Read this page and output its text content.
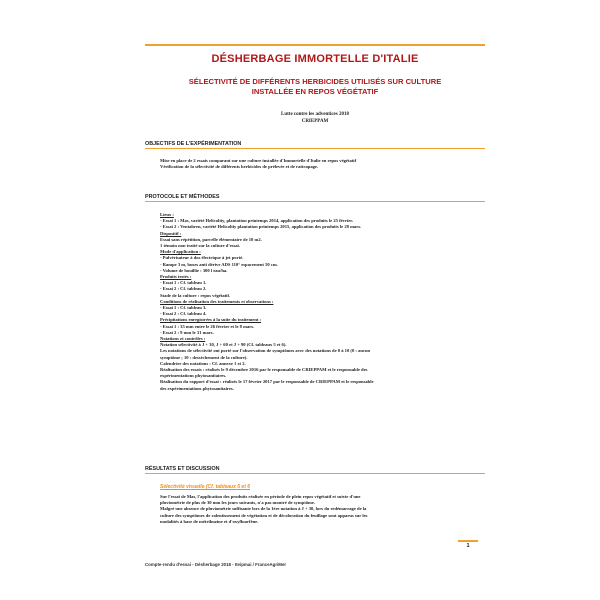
DÉSHERBAGE IMMORTELLE D'ITALIE
SÉLECTIVITÉ DE DIFFÉRENTS HERBICIDES UTILISÉS SUR CULTURE
INSTALLÉE EN REPOS VÉGÉTATIF
Lutte contre les adventices 2018
CRIEPPAM
OBJECTIFS DE L'EXPÉRIMENTATION
Mise en place de 2 essais comparant sur une culture installée d'Immortelle d'Italie en repos végétatif
Vérification de la sélectivité de différents herbicides de prélevée et de rattrapage.
PROTOCOLE ET MÉTHODES
Lieux :
- Essai 1 : Mas, variété Helicoltiy, plantation printemps 2014, application des produits le 25 février.
- Essai 2 : Ventabren, variété Helicoltiy plantation printemps 2015, application des produits le 28 mars.
Dispositif :
Essai sans répétition, parcelle élémentaire de 10 m2.
1 témoin non traité sur la culture d'essai.
Mode d'application :
- Pulvérisateur à dos électrique à jet porté.
- Rampe 3 m, buses anti dérive ADS 110° espacement 50 cm.
- Volume de bouillie : 300 l eau/ha.
Produits testés :
- Essai 1 : Cf. tableau 1.
- Essai 2 : Cf. tableau 2.
Stade de la culture : repos végétatif.
Conditions de réalisation des traitements et observations :
- Essai 1 : Cf. tableau 3.
- Essai 2 : Cf. tableau 4.
Précipitations enregistrées à la suite du traitement :
- Essai 1 : 35 mm entre le 26 février et le 8 mars.
- Essai 2 : 9 mm le 31 mars.
Notations et contrôles :
Notation sélectivité à J + 30, J + 60 et J + 90 (Cf. tableaux 5 et 6).
Les notations de sélectivité ont porté sur l'observation de symptômes avec des notations de 0 à 10 (0 : aucun
symptôme ; 10 : dessèchement de la culture).
Calendrier des notations : Cf. annexe 1 et 2.
Réalisation des essais : réalisés le 9 décembre 2016 par le responsable de CRIEPPAM et le responsable des
expérimentations phytosanitaires.
Réalisation du rapport d'essai : réalisés le 17 février 2017 par le responsable de CRIEPPAM et le responsable
des expérimentations phytosanitaires.
RÉSULTATS ET DISCUSSION
Sélectivité visuelle (Cf. tableaux 5 et 6
Sur l'essai de Mas, l'application des produits réalisée en période de plein repos végétatif et suivie d'une
pluviométrie de plus de 30 mm les jours suivants, n'a pas montré de symptôme.
Malgré une absence de pluviométrie suffisante lors de la 1ère notation à J + 30, lors du redémarrage de la
culture des symptômes de ralentissement de végétation et de décoloration du feuillage sont apparus sur les
modalités à base de métribuzine et d'oxyfluorfène.
1
Compte-rendu d'essai - Désherbage 2018 - Iteipmai / FranceAgriMer
